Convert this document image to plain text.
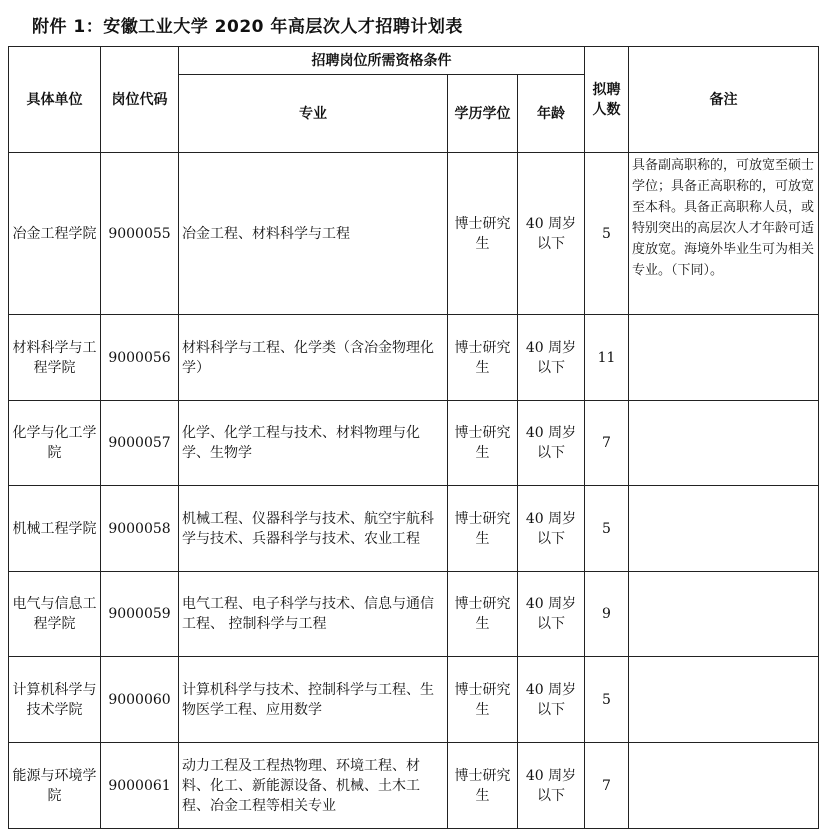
附件 1：安徽工业大学 2020 年高层次人才招聘计划表
具体单位	岗位代码	招聘岗位所需资格条件			拟聘人数	备注
		专业	学历学位	年龄		
冶金工程学院	9000055	冶金工程、材料科学与工程	博士研究生	40 周岁以下	5	具备副高职称的，可放宽至硕士学位；具备正高职称的，可放宽至本科。具备正高职称人员，或特别突出的高层次人才年龄可适度放宽。海境外毕业生可为相关专业。（下同）。
材料科学与工程学院	9000056	材料科学与工程、化学类（含冶金物理化学）	博士研究生	40 周岁以下	11	
化学与化工学院	9000057	化学、化学工程与技术、材料物理与化学、生物学	博士研究生	40 周岁以下	7	
机械工程学院	9000058	机械工程、仪器科学与技术、航空宇航科学与技术、兵器科学与技术、农业工程	博士研究生	40 周岁以下	5	
电气与信息工程学院	9000059	电气工程、电子科学与技术、信息与通信工程、 控制科学与工程	博士研究生	40 周岁以下	9	
计算机科学与技术学院	9000060	计算机科学与技术、控制科学与工程、生物医学工程、应用数学	博士研究生	40 周岁以下	5	
能源与环境学院	9000061	动力工程及工程热物理、环境工程、材料、化工、新能源设备、机械、土木工程、冶金工程等相关专业	博士研究生	40 周岁以下	7	
